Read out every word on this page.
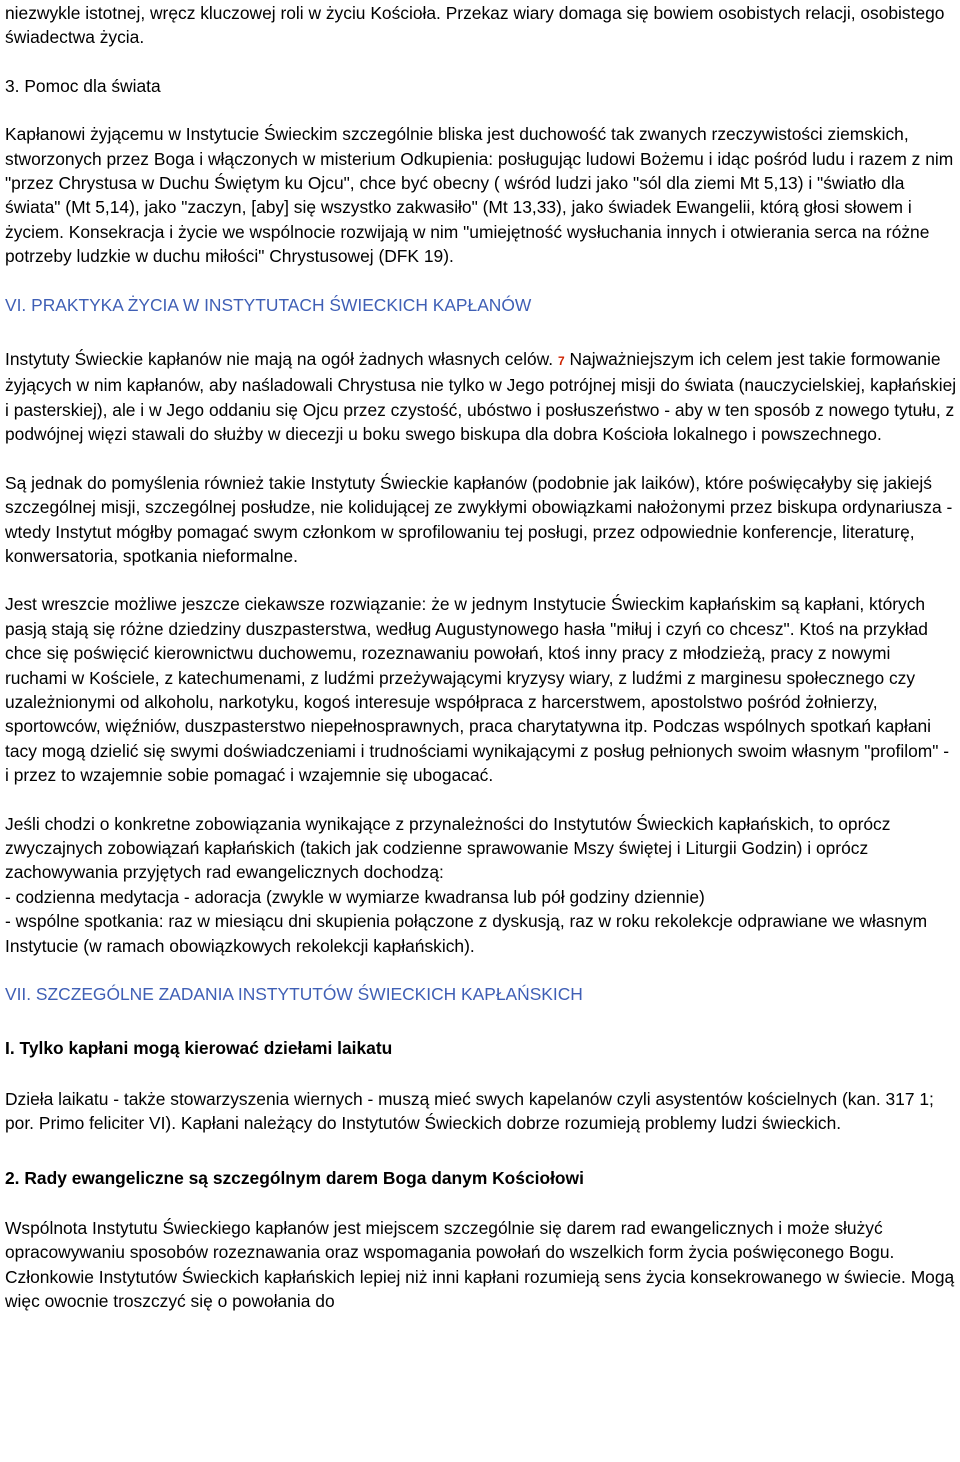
niezwykle istotnej, wręcz kluczowej roli w życiu Kościoła. Przekaz wiary domaga się bowiem osobistych relacji, osobistego świadectwa życia.

3. Pomoc dla świata

Kapłanowi żyjącemu w Instytucie Świeckim szczególnie bliska jest duchowość tak zwanych rzeczywistości ziemskich, stworzonych przez Boga i włączonych w misterium Odkupienia: posługując ludowi Bożemu i idąc pośród ludu i razem z nim "przez Chrystusa w Duchu Świętym ku Ojcu", chce być obecny ( wśród ludzi jako "sól dla ziemi Mt 5,13) i "światło dla świata" (Mt 5,14), jako "zaczyn, [aby] się wszystko zakwasiło" (Mt 13,33), jako świadek Ewangelii, którą głosi słowem i życiem. Konsekracja i życie we wspólnocie rozwijają w nim "umiejętność wysłuchania innych i otwierania serca na różne potrzeby ludzkie w duchu miłości" Chrystusowej (DFK 19).

VI. PRAKTYKA ŻYCIA W INSTYTUTACH ŚWIECKICH KAPŁANÓW

Instytuty Świeckie kapłanów nie mają na ogół żadnych własnych celów. 7 Najważniejszym ich celem jest takie formowanie żyjących w nim kapłanów, aby naśladowali Chrystusa nie tylko w Jego potrójnej misji do świata (nauczycielskiej, kapłańskiej i pasterskiej), ale i w Jego oddaniu się Ojcu przez czystość, ubóstwo i posłuszeństwo - aby w ten sposób z nowego tytułu, z podwójnej więzi stawali do służby w diecezji u boku swego biskupa dla dobra Kościoła lokalnego i powszechnego.

Są jednak do pomyślenia również takie Instytuty Świeckie kapłanów (podobnie jak laików), które poświęcałyby się jakiejś szczególnej misji, szczególnej posłudze, nie kolidującej ze zwykłymi obowiązkami nałożonymi przez biskupa ordynariusza - wtedy Instytut mógłby pomagać swym członkom w sprofilowaniu tej posługi, przez odpowiednie konferencje, literaturę, konwersatoria, spotkania nieformalne.

Jest wreszcie możliwe jeszcze ciekawsze rozwiązanie: że w jednym Instytucie Świeckim kapłańskim są kapłani, których pasją stają się różne dziedziny duszpasterstwa, według Augustynowego hasła "miłuj i czyń co chcesz". Ktoś na przykład chce się poświęcić kierownictwu duchowemu, rozeznawaniu powołań, ktoś inny pracy z młodzieżą, pracy z nowymi ruchami w Kościele, z katechumenami, z ludźmi przeżywającymi kryzysy wiary, z ludźmi z marginesu społecznego czy uzależnionymi od alkoholu, narkotyku, kogoś interesuje współpraca z harcerstwem, apostolstwo pośród żołnierzy, sportowców, więźniów, duszpasterstwo niepełnosprawnych, praca charytatywna itp. Podczas wspólnych spotkań kapłani tacy mogą dzielić się swymi doświadczeniami i trudnościami wynikającymi z posług pełnionych swoim własnym "profilom" - i przez to wzajemnie sobie pomagać i wzajemnie się ubogacać.

Jeśli chodzi o konkretne zobowiązania wynikające z przynależności do Instytutów Świeckich kapłańskich, to oprócz zwyczajnych zobowiązań kapłańskich (takich jak codzienne sprawowanie Mszy świętej i Liturgii Godzin) i oprócz zachowywania przyjętych rad ewangelicznych dochodzą:

- codzienna medytacja - adoracja (zwykle w wymiarze kwadransa lub pół godziny dziennie)

- wspólne spotkania: raz w miesiącu dni skupienia połączone z dyskusją, raz w roku rekolekcje odprawiane we własnym Instytucie (w ramach obowiązkowych rekolekcji kapłańskich).

VII. SZCZEGÓLNE ZADANIA INSTYTUTÓW ŚWIECKICH KAPŁAŃSKICH

I. Tylko kapłani mogą kierować dziełami laikatu

Dzieła laikatu - także stowarzyszenia wiernych - muszą mieć swych kapelanów czyli asystentów kościelnych (kan. 317 1; por. Primo feliciter VI). Kapłani należący do Instytutów Świeckich dobrze rozumieją problemy ludzi świeckich.

2. Rady ewangeliczne są szczególnym darem Boga danym Kościołowi

Wspólnota Instytutu Świeckiego kapłanów jest miejscem szczególnie się darem rad ewangelicznych i może służyć opracowywaniu sposobów rozeznawania oraz wspomagania powołań do wszelkich form życia poświęconego Bogu. Członkowie Instytutów Świeckich kapłańskich lepiej niż inni kapłani rozumieją sens życia konsekrowanego w świecie. Mogą więc owocnie troszczyć się o powołania do
